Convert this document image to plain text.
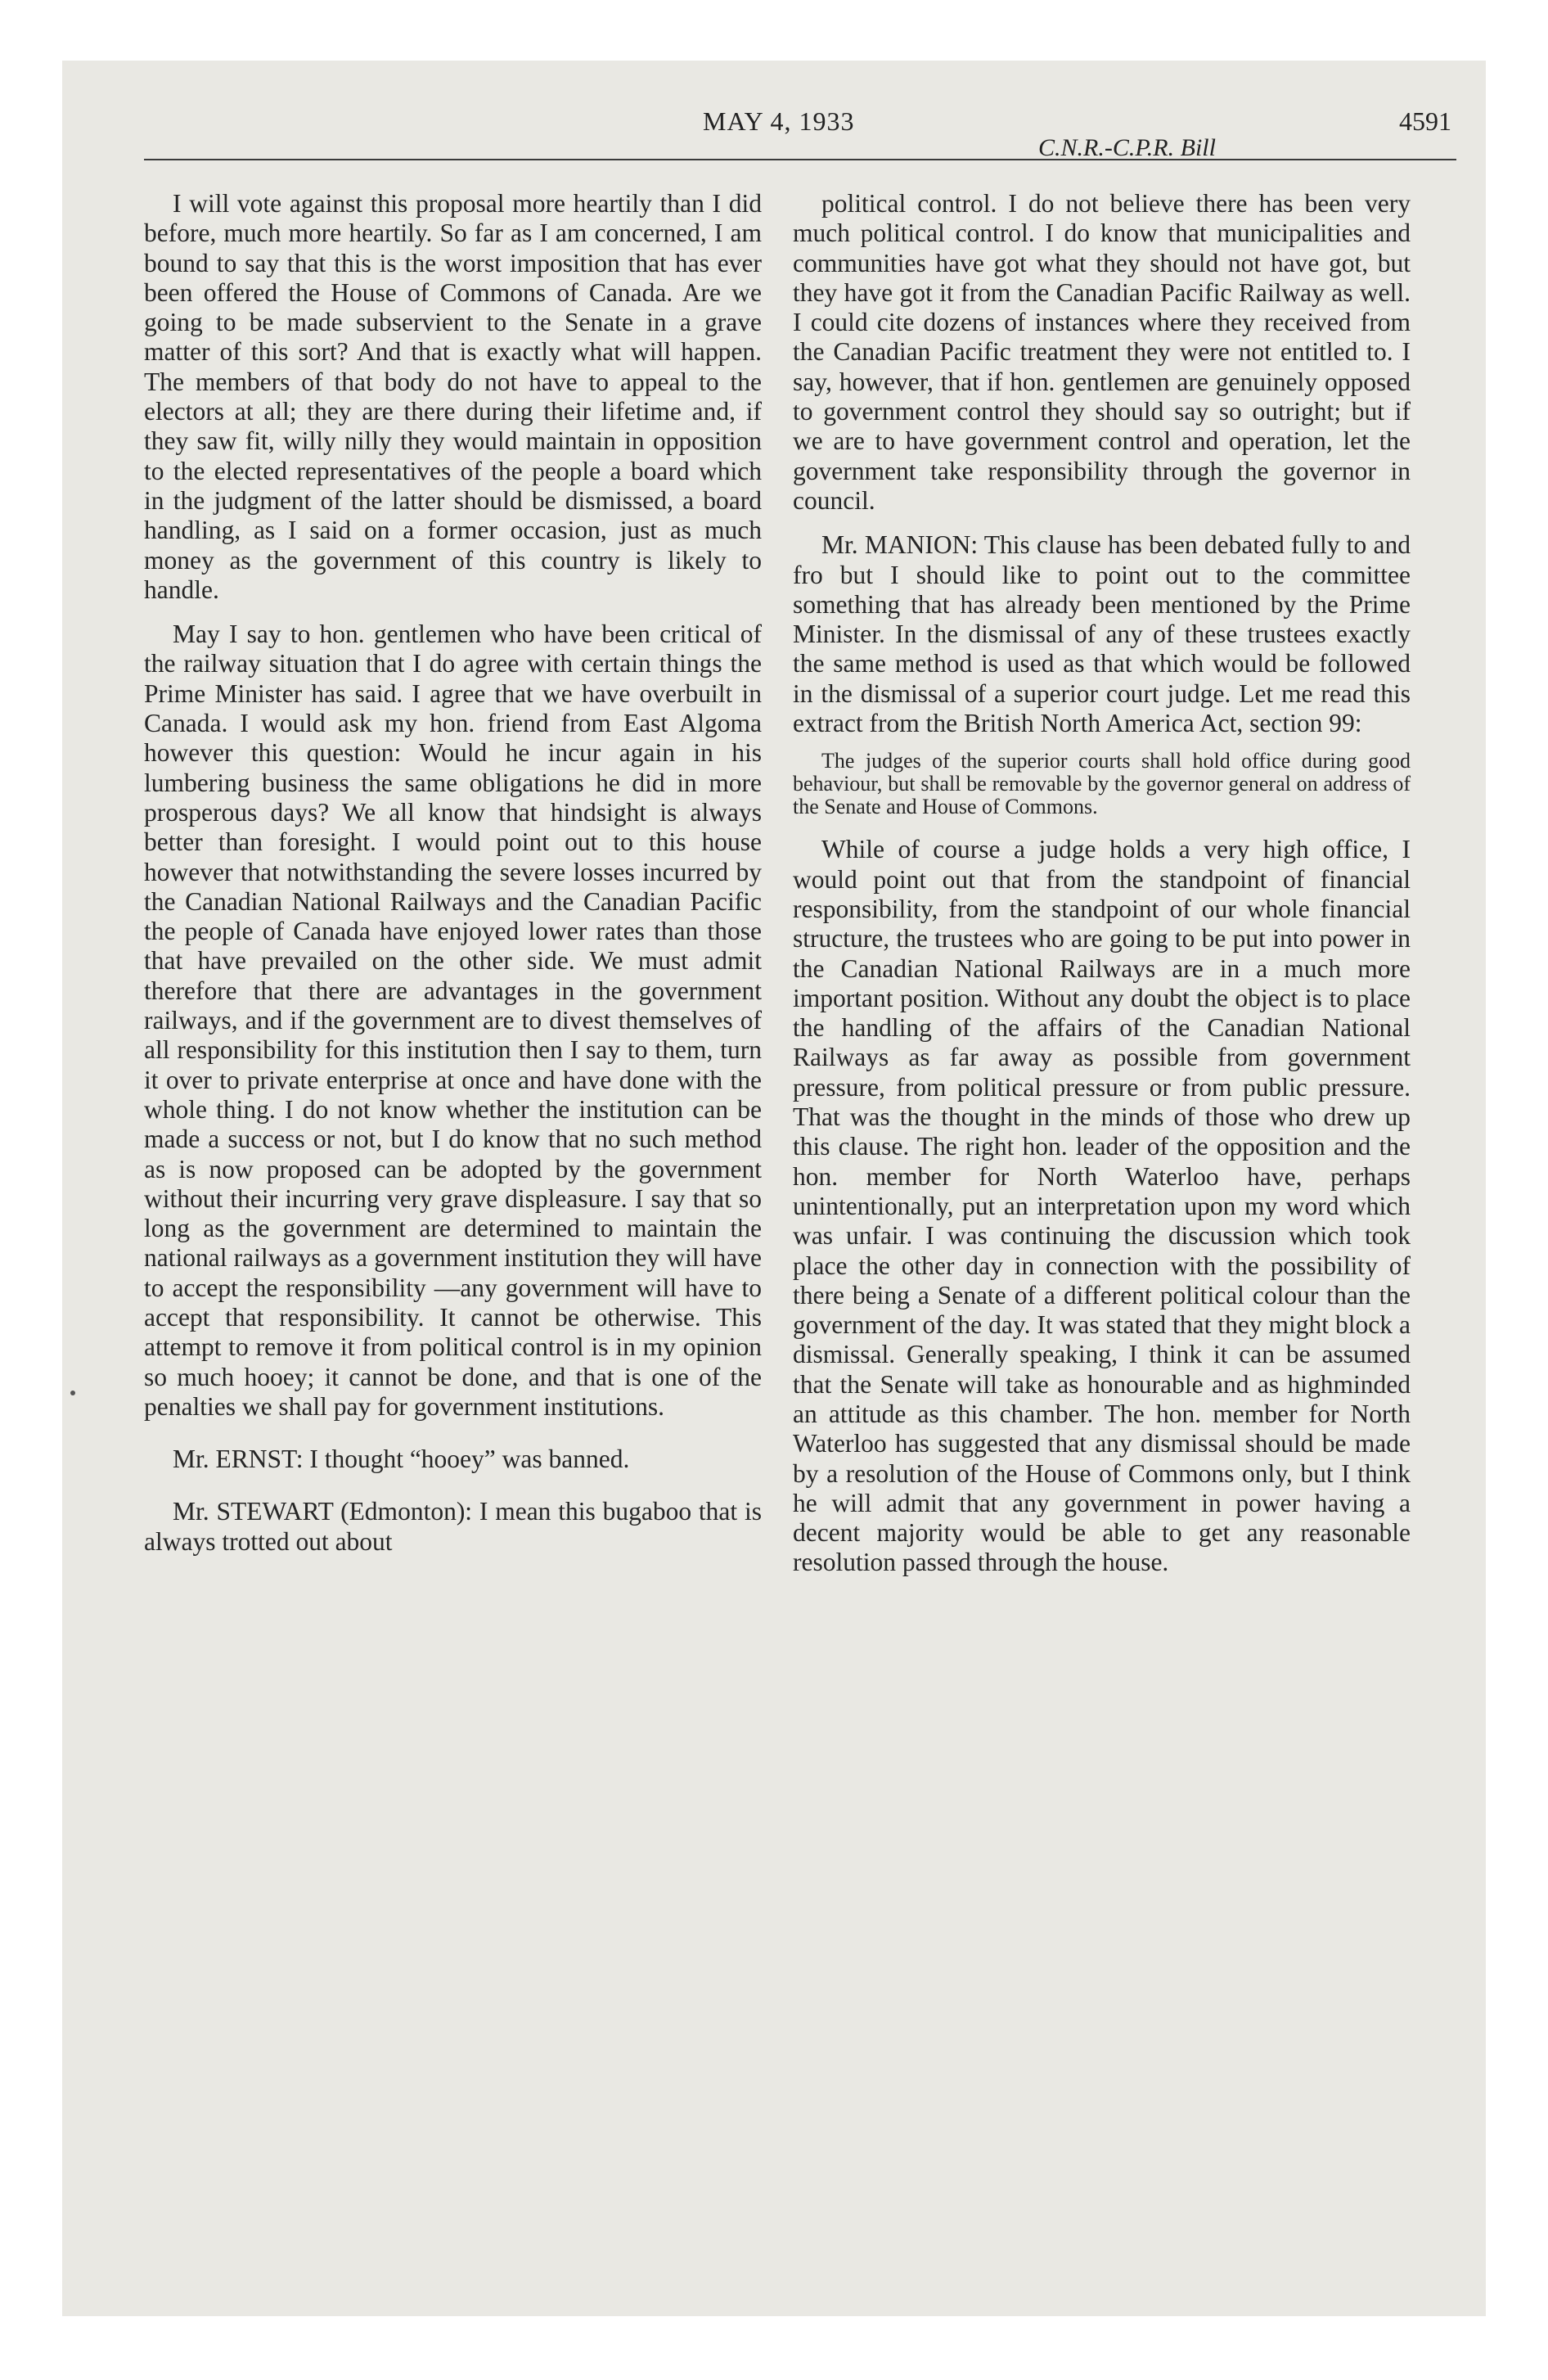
MAY 4, 1933
C.N.R.-C.P.R. Bill
4591

I will vote against this proposal more heartily than I did before, much more heartily. So far as I am concerned, I am bound to say that this is the worst imposition that has ever been offered the House of Commons of Canada. Are we going to be made subservient to the Senate in a grave matter of this sort? And that is exactly what will happen. The members of that body do not have to appeal to the electors at all; they are there during their lifetime and, if they saw fit, willy nilly they would maintain in opposition to the elected representatives of the people a board which in the judgment of the latter should be dismissed, a board handling, as I said on a former occasion, just as much money as the government of this country is likely to handle.

May I say to hon. gentlemen who have been critical of the railway situation that I do agree with certain things the Prime Minister has said. I agree that we have overbuilt in Canada. I would ask my hon. friend from East Algoma however this question: Would he incur again in his lumbering business the same obligations he did in more prosperous days? We all know that hindsight is always better than foresight. I would point out to this house however that notwithstanding the severe losses incurred by the Canadian National Railways and the Canadian Pacific the people of Canada have enjoyed lower rates than those that have prevailed on the other side. We must admit therefore that there are advantages in the government railways, and if the government are to divest themselves of all responsibility for this institution then I say to them, turn it over to private enterprise at once and have done with the whole thing. I do not know whether the institution can be made a success or not, but I do know that no such method as is now proposed can be adopted by the government without their incurring very grave displeasure. I say that so long as the government are determined to maintain the national railways as a government institution they will have to accept the responsibility —any government will have to accept that responsibility. It cannot be otherwise. This attempt to remove it from political control is in my opinion so much hooey; it cannot be done, and that is one of the penalties we shall pay for government institutions.

Mr. ERNST: I thought “hooey” was banned.

Mr. STEWART (Edmonton): I mean this bugaboo that is always trotted out about

political control. I do not believe there has been very much political control. I do know that municipalities and communities have got what they should not have got, but they have got it from the Canadian Pacific Railway as well. I could cite dozens of instances where they received from the Canadian Pacific treatment they were not entitled to. I say, however, that if hon. gentlemen are genuinely opposed to government control they should say so outright; but if we are to have government control and operation, let the government take responsibility through the governor in council.

Mr. MANION: This clause has been debated fully to and fro but I should like to point out to the committee something that has already been mentioned by the Prime Minister. In the dismissal of any of these trustees exactly the same method is used as that which would be followed in the dismissal of a superior court judge. Let me read this extract from the British North America Act, section 99:

The judges of the superior courts shall hold office during good behaviour, but shall be removable by the governor general on address of the Senate and House of Commons.

While of course a judge holds a very high office, I would point out that from the standpoint of financial responsibility, from the standpoint of our whole financial structure, the trustees who are going to be put into power in the Canadian National Railways are in a much more important position. Without any doubt the object is to place the handling of the affairs of the Canadian National Railways as far away as possible from government pressure, from political pressure or from public pressure. That was the thought in the minds of those who drew up this clause. The right hon. leader of the opposition and the hon. member for North Waterloo have, perhaps unintentionally, put an interpretation upon my word which was unfair. I was continuing the discussion which took place the other day in connection with the possibility of there being a Senate of a different political colour than the government of the day. It was stated that they might block a dismissal. Generally speaking, I think it can be assumed that the Senate will take as honourable and as highminded an attitude as this chamber. The hon. member for North Waterloo has suggested that any dismissal should be made by a resolution of the House of Commons only, but I think he will admit that any government in power having a decent majority would be able to get any reasonable resolution passed through the house.
